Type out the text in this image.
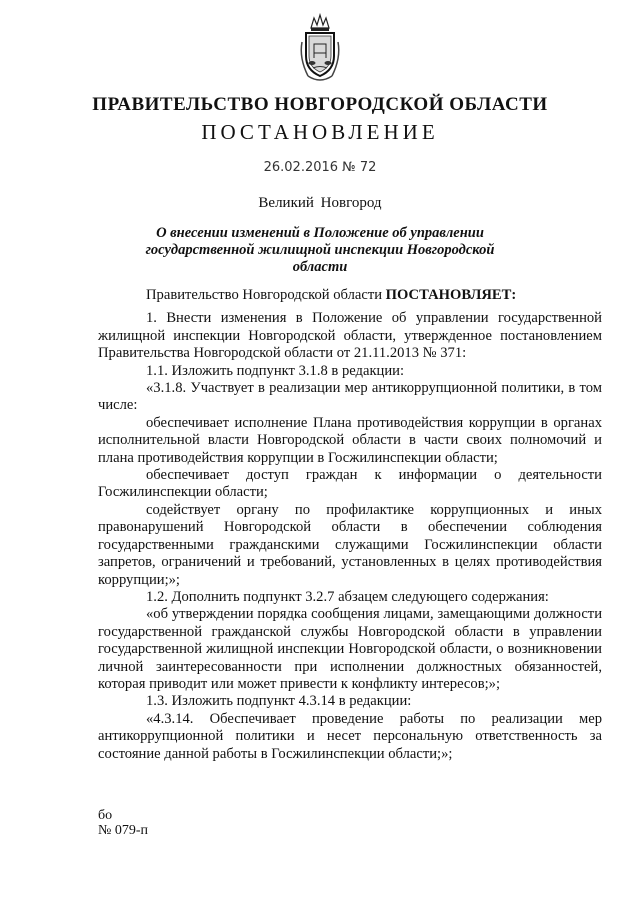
ПРАВИТЕЛЬСТВО НОВГОРОДСКОЙ ОБЛАСТИ
ПОСТАНОВЛЕНИЕ
26.02.2016 № 72
Великий Новгород
О внесении изменений в Положение об управлении государственной жилищной инспекции Новгородской области

Правительство Новгородской области ПОСТАНОВЛЯЕТ:

1. Внести изменения в Положение об управлении государственной жилищной инспекции Новгородской области, утвержденное постановлением Правительства Новгородской области от 21.11.2013 № 371:

1.1. Изложить подпункт 3.1.8 в редакции:

«3.1.8. Участвует в реализации мер антикоррупционной политики, в том числе:

обеспечивает исполнение Плана противодействия коррупции в органах исполнительной власти Новгородской области в части своих полномочий и плана противодействия коррупции в Госжилинспекции области;

обеспечивает доступ граждан к информации о деятельности Госжилинспекции области;

содействует органу по профилактике коррупционных и иных правонарушений Новгородской области в обеспечении соблюдения государственными гражданскими служащими Госжилинспекции области запретов, ограничений и требований, установленных в целях противодействия коррупции;»;

1.2. Дополнить подпункт 3.2.7 абзацем следующего содержания:

«об утверждении порядка сообщения лицами, замещающими должности государственной гражданской службы Новгородской области в управлении государственной жилищной инспекции Новгородской области, о возникновении личной заинтересованности при исполнении должностных обязанностей, которая приводит или может привести к конфликту интересов;»;

1.3. Изложить подпункт 4.3.14 в редакции:

«4.3.14. Обеспечивает проведение работы по реализации мер антикоррупционной политики и несет персональную ответственность за состояние данной работы в Госжилинспекции области;»;

бо
№ 079-п
